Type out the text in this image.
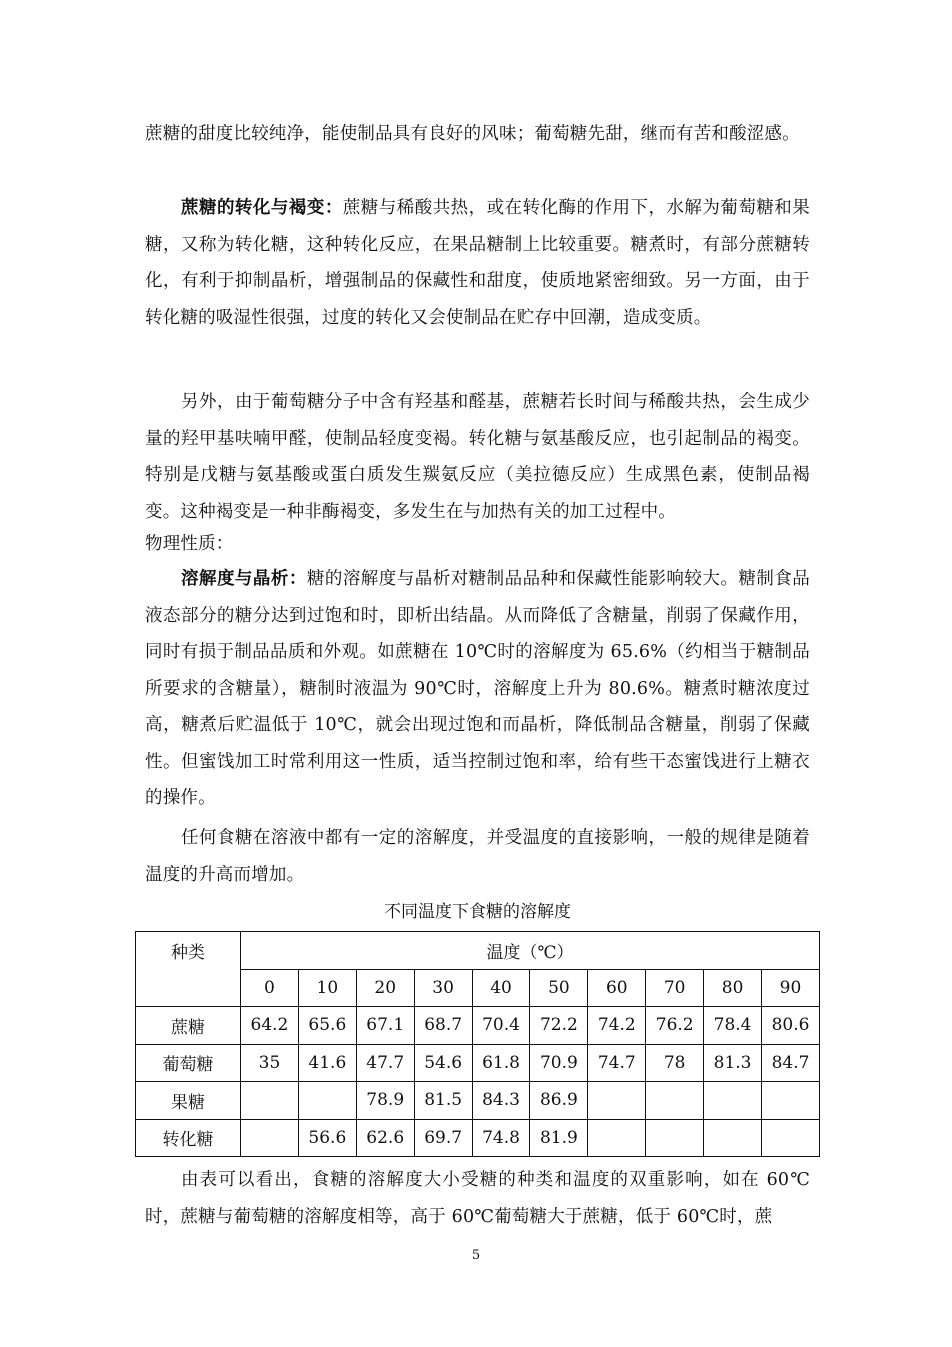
蔗糖的甜度比较纯净，能使制品具有良好的风味；葡萄糖先甜，继而有苦和酸涩感。

蔗糖的转化与褐变：蔗糖与稀酸共热，或在转化酶的作用下，水解为葡萄糖和果糖，又称为转化糖，这种转化反应，在果品糖制上比较重要。糖煮时，有部分蔗糖转化，有利于抑制晶析，增强制品的保藏性和甜度，使质地紧密细致。另一方面，由于转化糖的吸湿性很强，过度的转化又会使制品在贮存中回潮，造成变质。

另外，由于葡萄糖分子中含有羟基和醛基，蔗糖若长时间与稀酸共热，会生成少量的羟甲基呋喃甲醛，使制品轻度变褐。转化糖与氨基酸反应，也引起制品的褐变。特别是戊糖与氨基酸或蛋白质发生羰氨反应（美拉德反应）生成黑色素，使制品褐变。这种褐变是一种非酶褐变，多发生在与加热有关的加工过程中。

物理性质：

溶解度与晶析：糖的溶解度与晶析对糖制品品种和保藏性能影响较大。糖制食品液态部分的糖分达到过饱和时，即析出结晶。从而降低了含糖量，削弱了保藏作用，同时有损于制品品质和外观。如蔗糖在 10℃时的溶解度为 65.6%（约相当于糖制品所要求的含糖量），糖制时液温为 90℃时，溶解度上升为 80.6%。糖煮时糖浓度过高，糖煮后贮温低于 10℃，就会出现过饱和而晶析，降低制品含糖量，削弱了保藏性。但蜜饯加工时常利用这一性质，适当控制过饱和率，给有些干态蜜饯进行上糖衣的操作。

任何食糖在溶液中都有一定的溶解度，并受温度的直接影响，一般的规律是随着温度的升高而增加。

不同温度下食糖的溶解度
种类	温度（℃）									
	0	10	20	30	40	50	60	70	80	90
蔗糖	64.2	65.6	67.1	68.7	70.4	72.2	74.2	76.2	78.4	80.6
葡萄糖	35	41.6	47.7	54.6	61.8	70.9	74.7	78	81.3	84.7
果糖			78.9	81.5	84.3	86.9				
转化糖		56.6	62.6	69.7	74.8	81.9				

由表可以看出，食糖的溶解度大小受糖的种类和温度的双重影响，如在 60℃时，蔗糖与葡萄糖的溶解度相等，高于 60℃葡萄糖大于蔗糖，低于 60℃时，蔗

5
